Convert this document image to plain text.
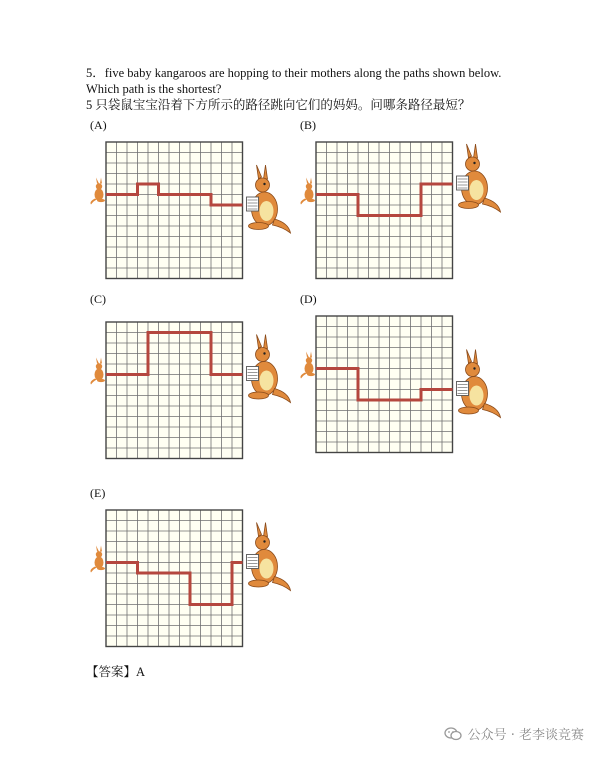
5．five baby kangaroos are hopping to their mothers along the paths shown below.
Which path is the shortest?
5 只袋鼠宝宝沿着下方所示的路径跳向它们的妈妈。问哪条路径最短？
(A)	(B)
(C)	(D)
(E)
【答案】A
公众号 · 老李谈竞赛
